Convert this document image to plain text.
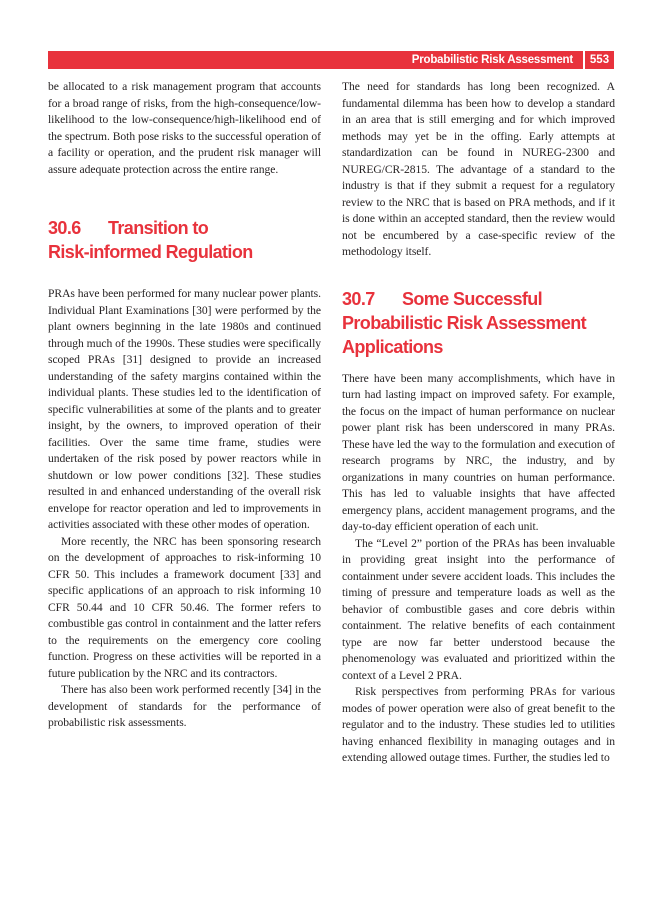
Probabilistic Risk Assessment	553

be allocated to a risk management program that accounts for a broad range of risks, from the high-consequence/low-likelihood to the low-consequence/high-likelihood end of the spectrum. Both pose risks to the successful operation of a facility or operation, and the prudent risk manager will assure adequate protection across the entire range.

30.6 Transition to
Risk-informed Regulation

PRAs have been performed for many nuclear power plants. Individual Plant Examinations [30] were performed by the plant owners beginning in the late 1980s and continued through much of the 1990s. These studies were specifically scoped PRAs [31] designed to provide an increased understanding of the safety margins contained within the individual plants. These studies led to the identification of specific vulnerabilities at some of the plants and to greater insight, by the owners, to improved operation of their facilities. Over the same time frame, studies were undertaken of the risk posed by power reactors while in shutdown or low power conditions [32]. These studies resulted in and enhanced understanding of the overall risk envelope for reactor operation and led to improvements in activities associated with these other modes of operation.

More recently, the NRC has been sponsoring research on the development of approaches to risk-informing 10 CFR 50. This includes a framework document [33] and specific applications of an approach to risk informing 10 CFR 50.44 and 10 CFR 50.46. The former refers to combustible gas control in containment and the latter refers to the requirements on the emergency core cooling function. Progress on these activities will be reported in a future publication by the NRC and its contractors.

There has also been work performed recently [34] in the development of standards for the performance of probabilistic risk assessments.

The need for standards has long been recognized. A fundamental dilemma has been how to develop a standard in an area that is still emerging and for which improved methods may yet be in the offing. Early attempts at standardization can be found in NUREG-2300 and NUREG/CR-2815. The advantage of a standard to the industry is that if they submit a request for a regulatory review to the NRC that is based on PRA methods, and if it is done within an accepted standard, then the review would not be encumbered by a case-specific review of the methodology itself.

30.7 Some Successful
Probabilistic Risk Assessment
Applications

There have been many accomplishments, which have in turn had lasting impact on improved safety. For example, the focus on the impact of human performance on nuclear power plant risk has been underscored in many PRAs. These have led the way to the formulation and execution of research programs by NRC, the industry, and by organizations in many countries on human performance. This has led to valuable insights that have affected emergency plans, accident management programs, and the day-to-day efficient operation of each unit.

The “Level 2” portion of the PRAs has been invaluable in providing great insight into the performance of containment under severe accident loads. This includes the timing of pressure and temperature loads as well as the behavior of combustible gases and core debris within containment. The relative benefits of each containment type are now far better understood because the phenomenology was evaluated and prioritized within the context of a Level 2 PRA.

Risk perspectives from performing PRAs for various modes of power operation were also of great benefit to the regulator and to the industry. These studies led to utilities having enhanced flexibility in managing outages and in extending allowed outage times. Further, the studies led to
